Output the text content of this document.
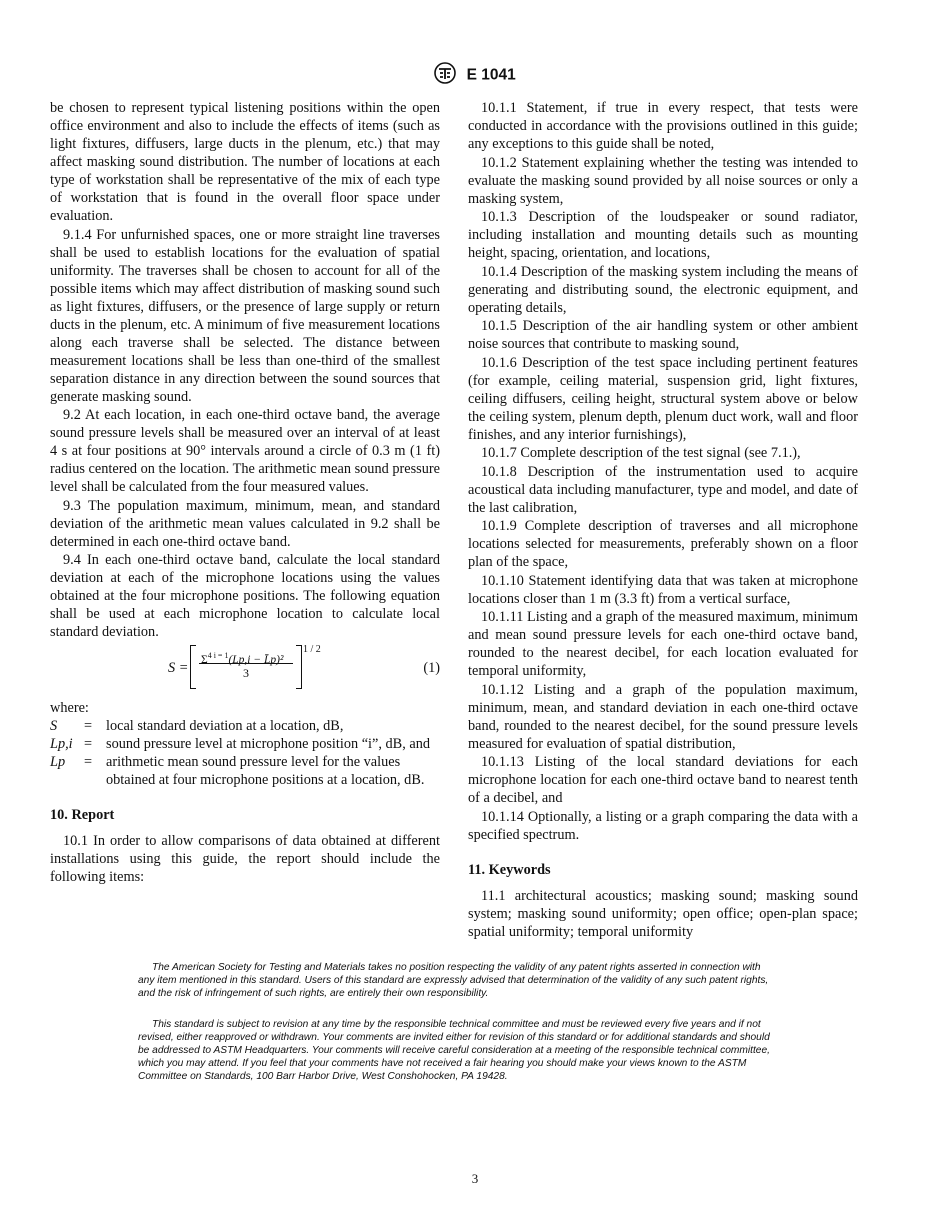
E 1041

be chosen to represent typical listening positions within the open office environment and also to include the effects of items (such as light fixtures, diffusers, large ducts in the plenum, etc.) that may affect masking sound distribution. The number of locations at each type of workstation shall be representative of the mix of each type of workstation that is found in the overall floor space under evaluation.

9.1.4 For unfurnished spaces, one or more straight line traverses shall be used to establish locations for the evaluation of spatial uniformity. The traverses shall be chosen to account for all of the possible items which may affect distribution of masking sound such as light fixtures, diffusers, or the presence of large supply or return ducts in the plenum, etc. A minimum of five measurement locations along each traverse shall be selected. The distance between measurement locations shall be less than one-third of the smallest separation distance in any direction between the sound sources that generate masking sound.

9.2 At each location, in each one-third octave band, the average sound pressure levels shall be measured over an interval of at least 4 s at four positions at 90° intervals around a circle of 0.3 m (1 ft) radius centered on the location. The arithmetic mean sound pressure level shall be calculated from the four measured values.

9.3 The population maximum, minimum, mean, and standard deviation of the arithmetic mean values calculated in 9.2 shall be determined in each one-third octave band.

9.4 In each one-third octave band, calculate the local standard deviation at each of the microphone locations using the values obtained at the four microphone positions. The following equation shall be used at each microphone location to calculate local standard deviation.

S =
$\Sigma^{4 i = 1}(Lp,i$ − L̄p)²
3
1 / 2
(1)
where:
S	= local standard deviation at a location, dB,
Lp,i = sound pressure level at microphone position “i”, dB, and
Lp	= arithmetic mean sound pressure level for the values obtained at four microphone positions at a location, dB.
10. Report

10.1 In order to allow comparisons of data obtained at different installations using this guide, the report should include the following items:

10.1.1 Statement, if true in every respect, that tests were conducted in accordance with the provisions outlined in this guide; any exceptions to this guide shall be noted,

10.1.2 Statement explaining whether the testing was intended to evaluate the masking sound provided by all noise sources or only a masking system,

10.1.3 Description of the loudspeaker or sound radiator, including installation and mounting details such as mounting height, spacing, orientation, and locations,

10.1.4 Description of the masking system including the means of generating and distributing sound, the electronic equipment, and operating details,

10.1.5 Description of the air handling system or other ambient noise sources that contribute to masking sound,

10.1.6 Description of the test space including pertinent features (for example, ceiling material, suspension grid, light fixtures, ceiling diffusers, ceiling height, structural system above or below the ceiling system, plenum depth, plenum duct work, wall and floor finishes, and any interior furnishings),

10.1.7 Complete description of the test signal (see 7.1.),

10.1.8 Description of the instrumentation used to acquire acoustical data including manufacturer, type and model, and date of the last calibration,

10.1.9 Complete description of traverses and all microphone locations selected for measurements, preferably shown on a floor plan of the space,

10.1.10 Statement identifying data that was taken at microphone locations closer than 1 m (3.3 ft) from a vertical surface,

10.1.11 Listing and a graph of the measured maximum, minimum and mean sound pressure levels for each one-third octave band, rounded to the nearest decibel, for each location evaluated for temporal uniformity,

10.1.12 Listing and a graph of the population maximum, minimum, mean, and standard deviation in each one-third octave band, rounded to the nearest decibel, for the sound pressure levels measured for evaluation of spatial distribution,

10.1.13 Listing of the local standard deviations for each microphone location for each one-third octave band to nearest tenth of a decibel, and

10.1.14 Optionally, a listing or a graph comparing the data with a specified spectrum.

11. Keywords

11.1 architectural acoustics; masking sound; masking sound system; masking sound uniformity; open office; open-plan space; spatial uniformity; temporal uniformity

The American Society for Testing and Materials takes no position respecting the validity of any patent rights asserted in connection with any item mentioned in this standard. Users of this standard are expressly advised that determination of the validity of any such patent rights, and the risk of infringement of such rights, are entirely their own responsibility.

This standard is subject to revision at any time by the responsible technical committee and must be reviewed every five years and if not revised, either reapproved or withdrawn. Your comments are invited either for revision of this standard or for additional standards and should be addressed to ASTM Headquarters. Your comments will receive careful consideration at a meeting of the responsible technical committee, which you may attend. If you feel that your comments have not received a fair hearing you should make your views known to the ASTM Committee on Standards, 100 Barr Harbor Drive, West Conshohocken, PA 19428.

3
